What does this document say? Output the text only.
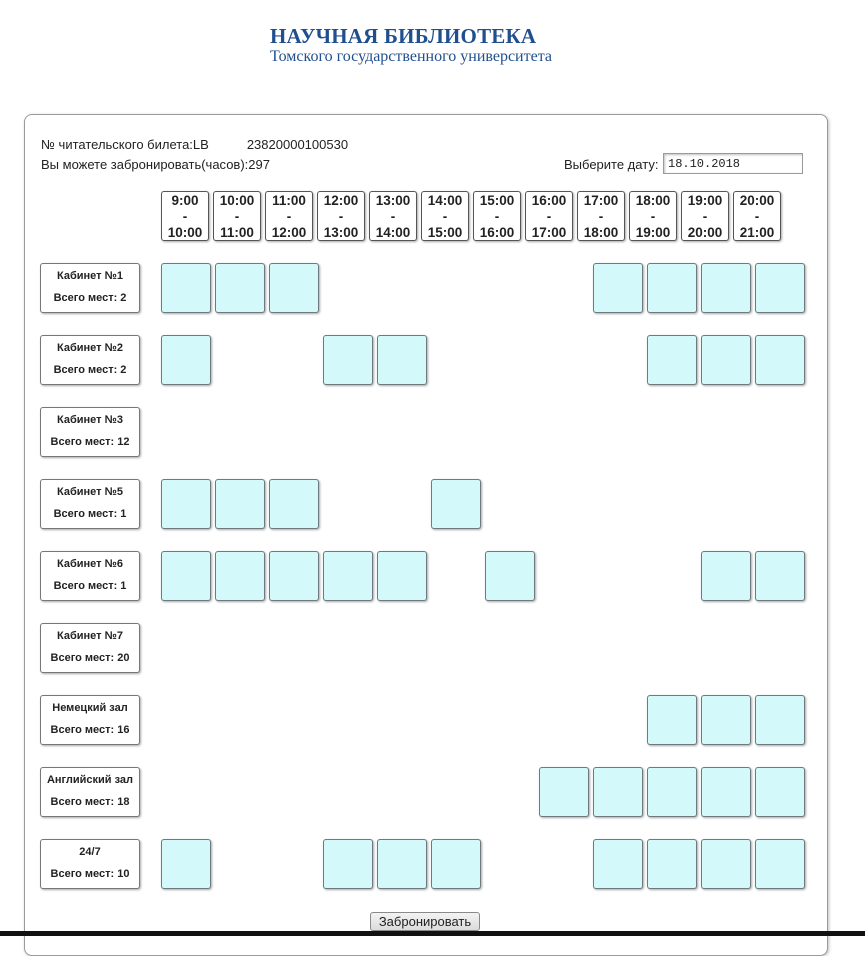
НАУЧНАЯ БИБЛИОТЕКА
Томского государственного университета
№ читательского билета:LB	23820000100530
Вы можете забронировать(часов):297	Выберите дату:
18.10.2018
9:00
-
10:00
10:00
-
11:00
11:00
-
12:00
12:00
-
13:00
13:00
-
14:00
14:00
-
15:00
15:00
-
16:00
16:00
-
17:00
17:00
-
18:00
18:00
-
19:00
19:00
-
20:00
20:00
-
21:00
Кабинет №1
Всего мест: 2
Кабинет №2
Всего мест: 2
Кабинет №3
Всего мест: 12
Кабинет №5
Всего мест: 1
Кабинет №6
Всего мест: 1
Кабинет №7
Всего мест: 20
Немецкий зал
Всего мест: 16
Английский зал
Всего мест: 18
24/7
Всего мест: 10
Забронировать
